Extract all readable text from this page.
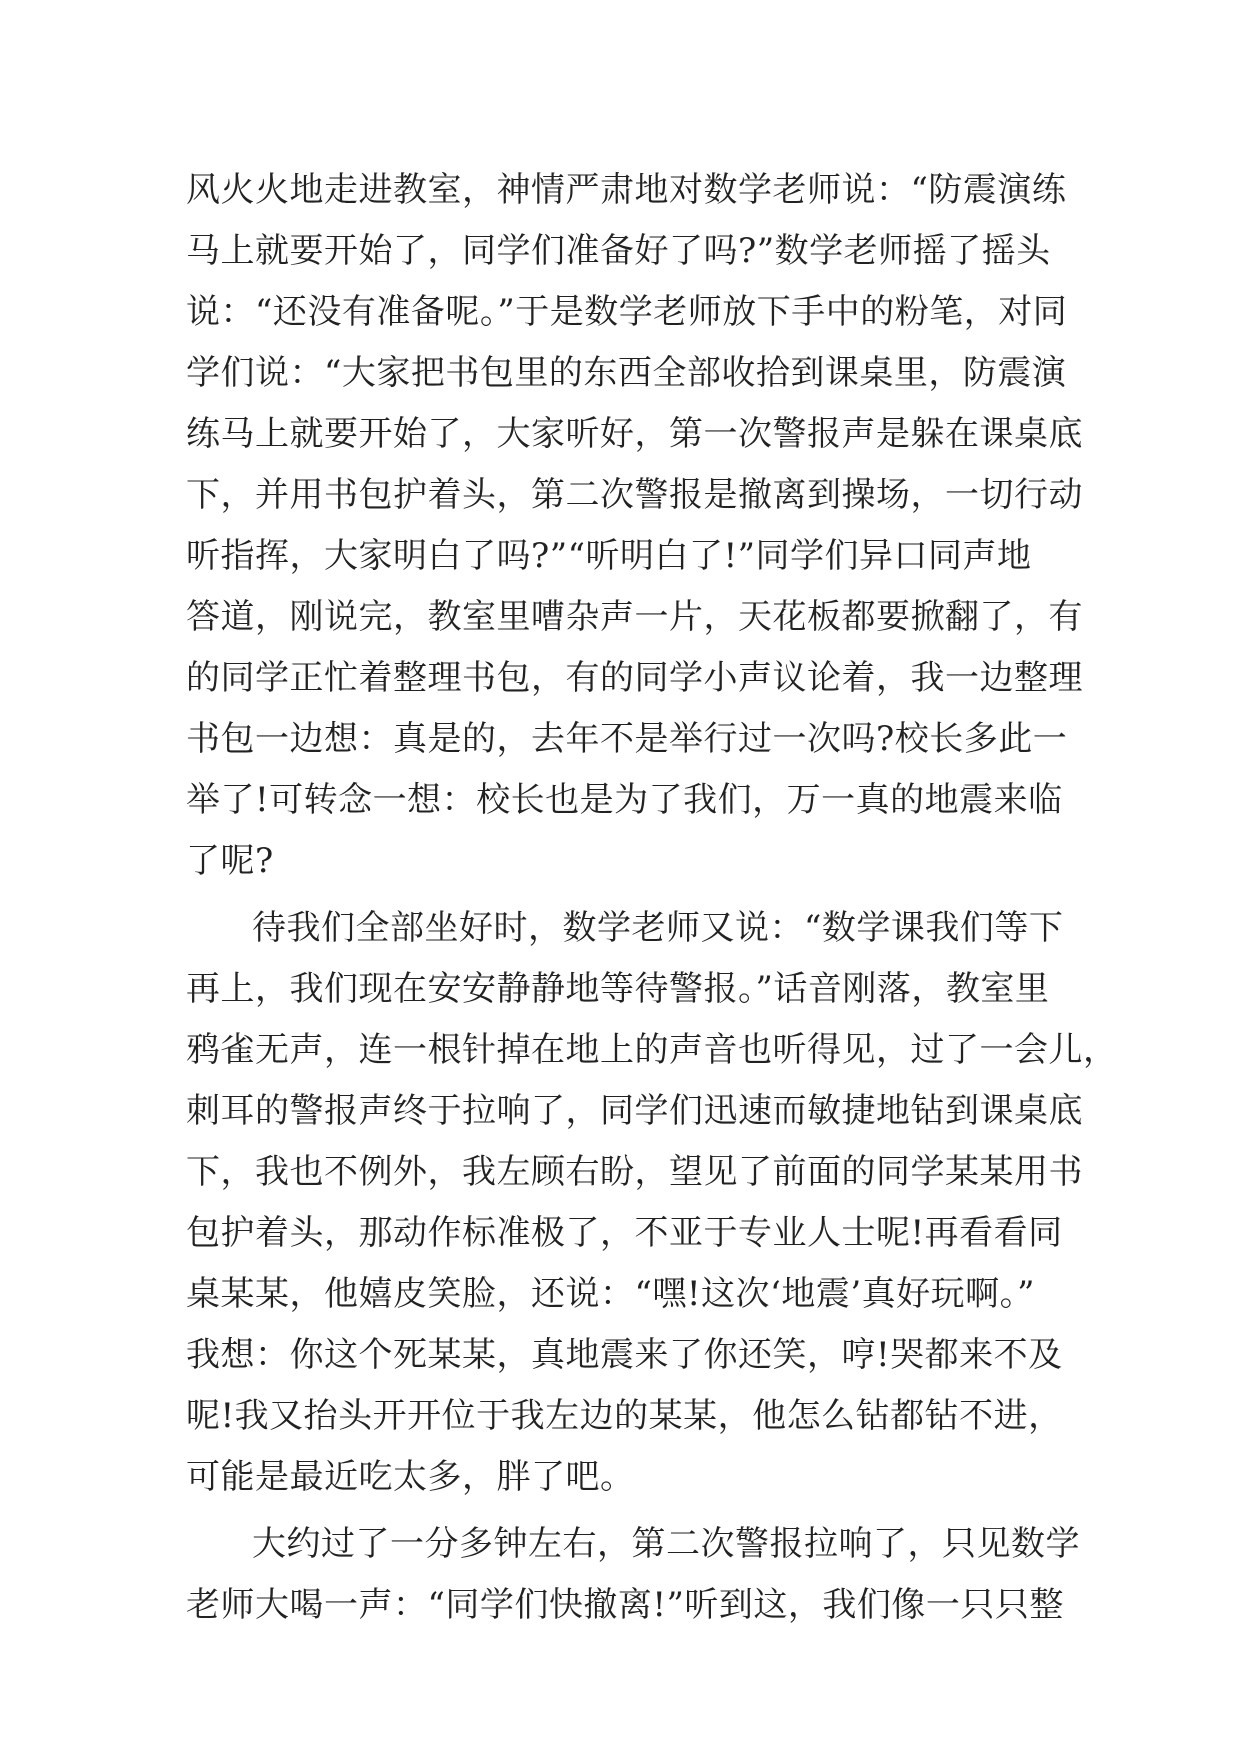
风火火地走进教室，神情严肃地对数学老师说：“防震演练
马上就要开始了，同学们准备好了吗?”数学老师摇了摇头
说：“还没有准备呢。”于是数学老师放下手中的粉笔，对同
学们说：“大家把书包里的东西全部收拾到课桌里，防震演
练马上就要开始了，大家听好，第一次警报声是躲在课桌底
下，并用书包护着头，第二次警报是撤离到操场，一切行动
听指挥，大家明白了吗?”“听明白了!”同学们异口同声地
答道，刚说完，教室里嘈杂声一片，天花板都要掀翻了，有
的同学正忙着整理书包，有的同学小声议论着，我一边整理
书包一边想：真是的，去年不是举行过一次吗?校长多此一
举了!可转念一想：校长也是为了我们，万一真的地震来临
了呢?
待我们全部坐好时，数学老师又说：“数学课我们等下
再上，我们现在安安静静地等待警报。”话音刚落，教室里
鸦雀无声，连一根针掉在地上的声音也听得见，过了一会儿，
刺耳的警报声终于拉响了，同学们迅速而敏捷地钻到课桌底
下，我也不例外，我左顾右盼，望见了前面的同学某某用书
包护着头，那动作标准极了，不亚于专业人士呢!再看看同
桌某某，他嬉皮笑脸，还说：“嘿!这次‘地震’真好玩啊。”
我想：你这个死某某，真地震来了你还笑，哼!哭都来不及
呢!我又抬头开开位于我左边的某某，他怎么钻都钻不进，
可能是最近吃太多，胖了吧。
大约过了一分多钟左右，第二次警报拉响了，只见数学
老师大喝一声：“同学们快撤离!”听到这，我们像一只只整
